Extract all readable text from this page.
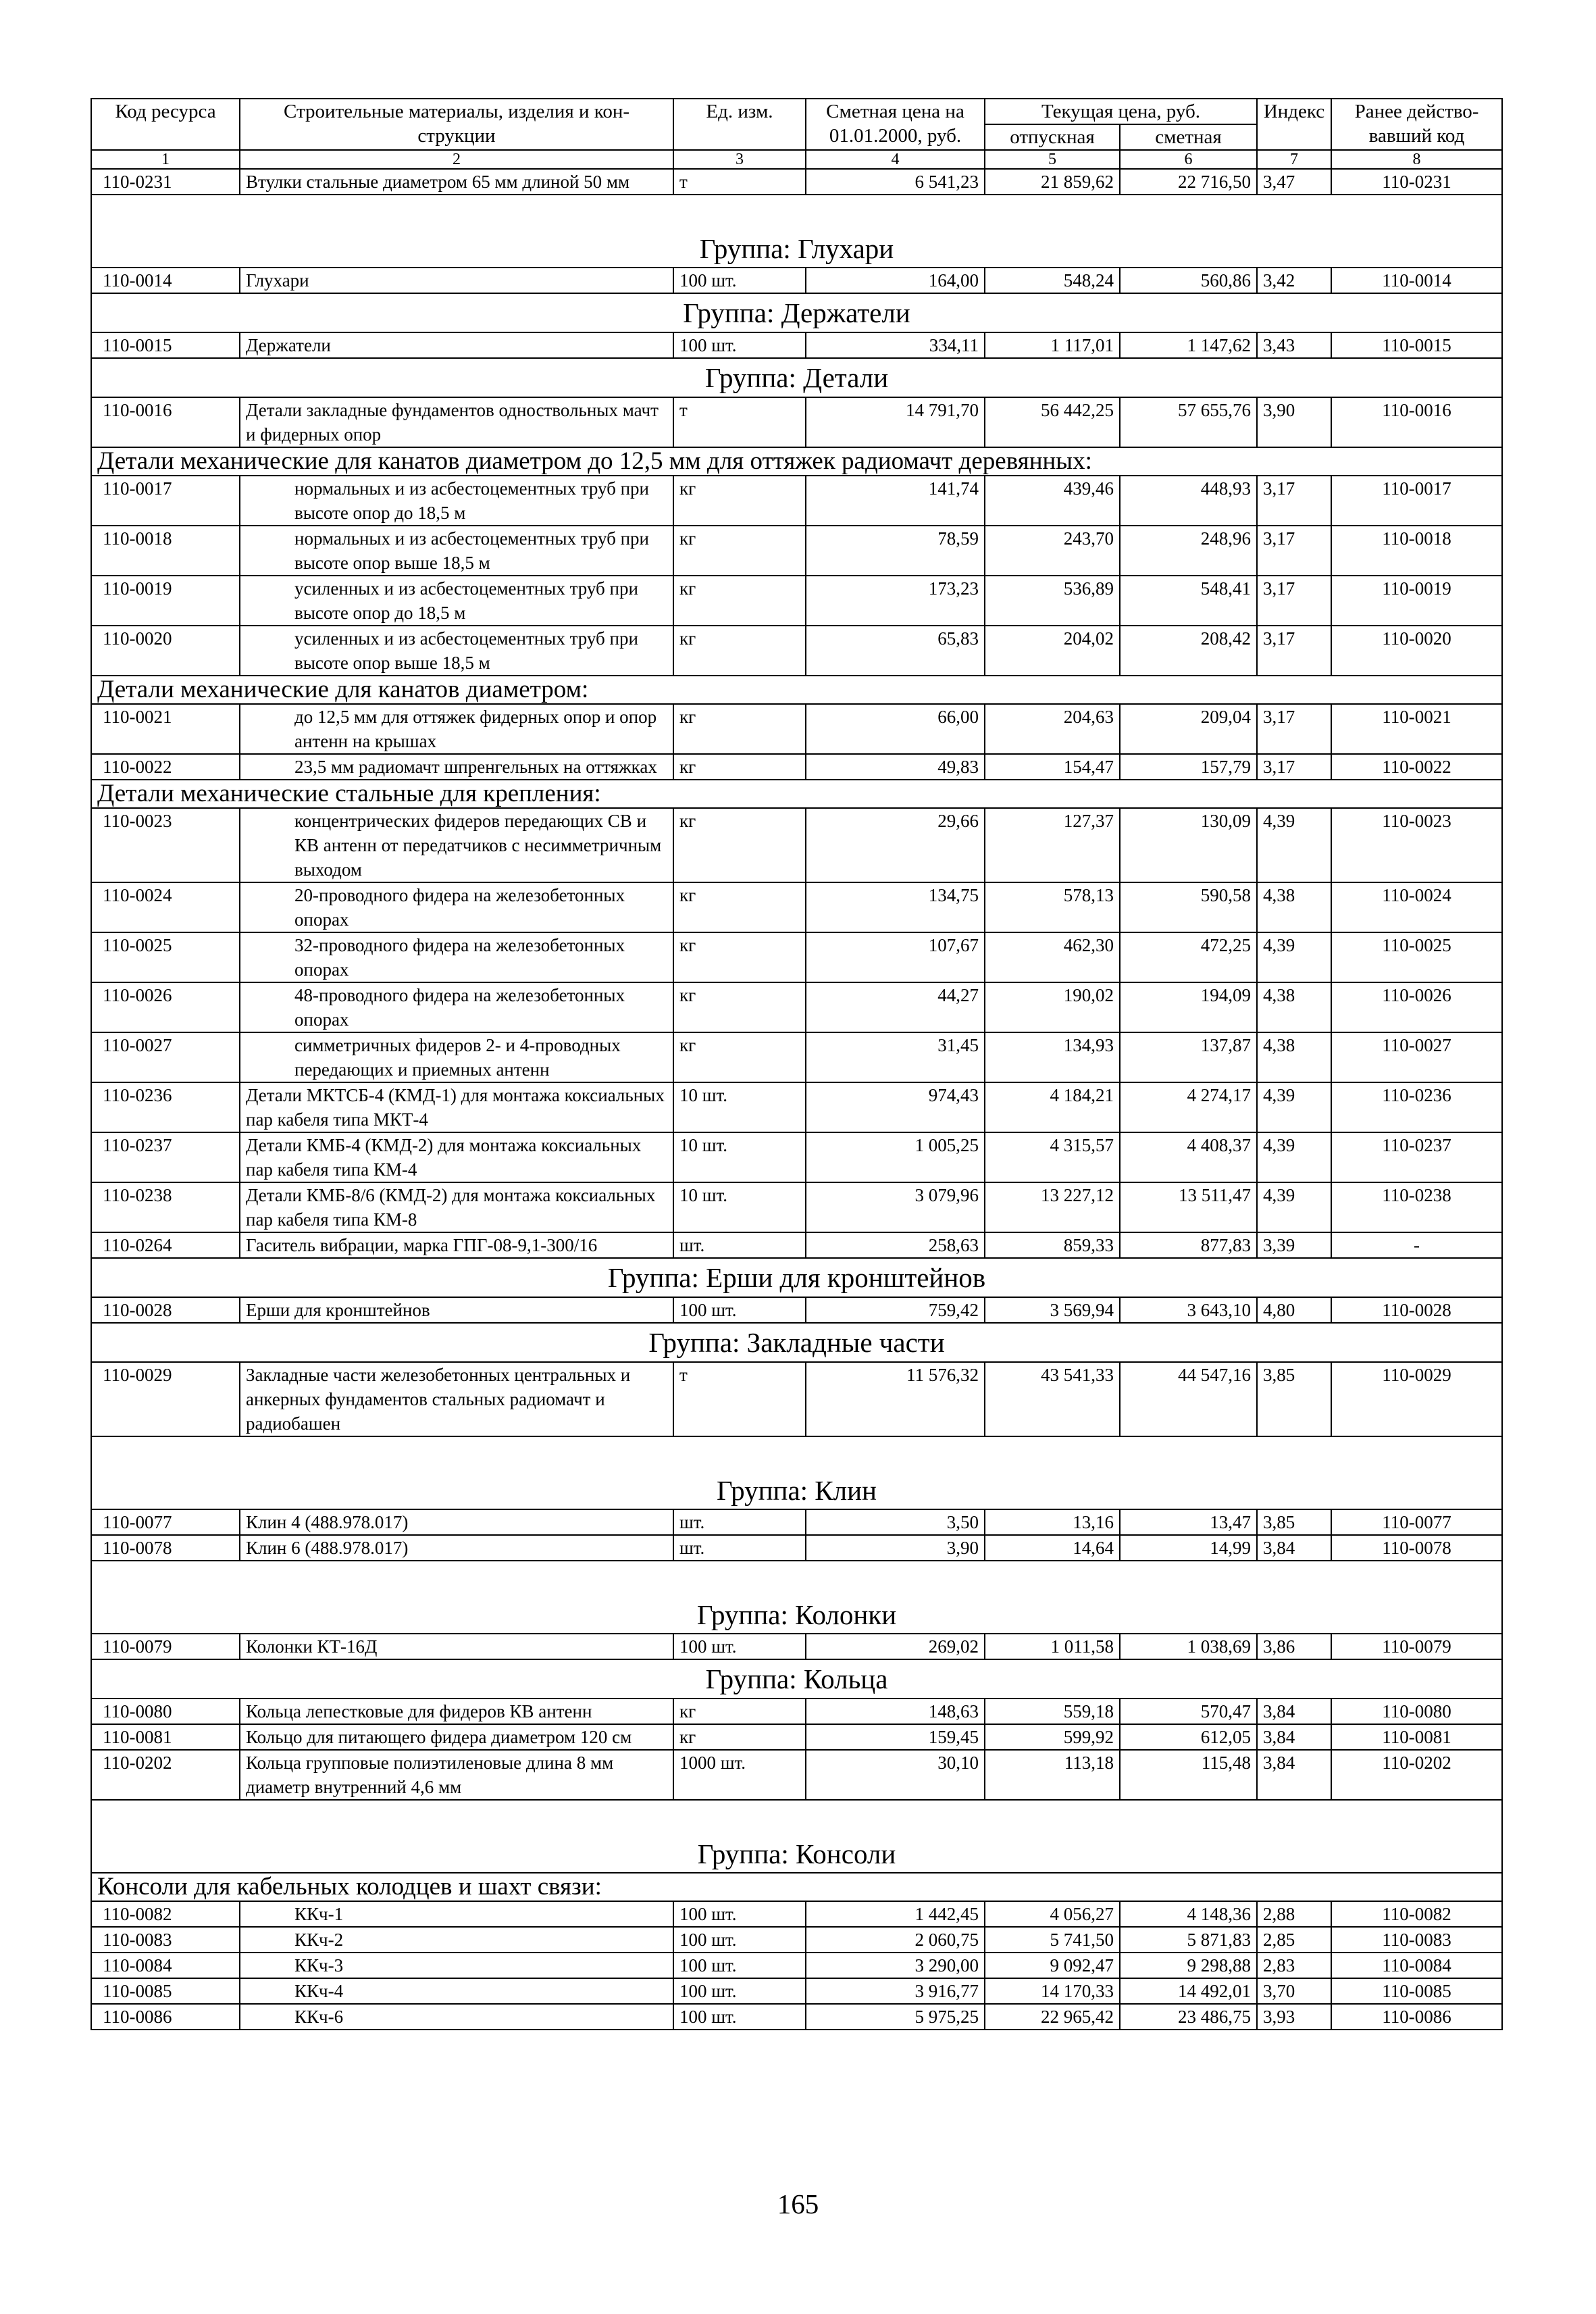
Код ресурса	Строительные материалы, изделия и кон-струкции	Ед. изм.	Сметная цена на 01.01.2000, руб.	Текущая цена, руб.		Индекс	Ранее действо-вавший код
				отпускная	сметная		
1	2	3	4	5	6	7	8
110-0231	Втулки стальные диаметром 65 мм длиной 50 мм	т	6 541,23	21 859,62	22 716,50	3,47	110-0231
Группа: Глухари							
110-0014	Глухари	100 шт.	164,00	548,24	560,86	3,42	110-0014
Группа: Держатели							
110-0015	Держатели	100 шт.	334,11	1 117,01	1 147,62	3,43	110-0015
Группа: Детали							
110-0016	Детали закладные фундаментов одноствольных мачт и фидерных опор	т	14 791,70	56 442,25	57 655,76	3,90	110-0016
Детали механические для канатов диаметром до 12,5 мм для оттяжек радиомачт деревянных:							
110-0017	нормальных и из асбестоцементных труб при высоте опор до 18,5 м	кг	141,74	439,46	448,93	3,17	110-0017
110-0018	нормальных и из асбестоцементных труб при высоте опор выше 18,5 м	кг	78,59	243,70	248,96	3,17	110-0018
110-0019	усиленных и из асбестоцементных труб при высоте опор до 18,5 м	кг	173,23	536,89	548,41	3,17	110-0019
110-0020	усиленных и из асбестоцементных труб при высоте опор выше 18,5 м	кг	65,83	204,02	208,42	3,17	110-0020
Детали механические для канатов диаметром:							
110-0021	до 12,5 мм для оттяжек фидерных опор и опор антенн на крышах	кг	66,00	204,63	209,04	3,17	110-0021
110-0022	23,5 мм радиомачт шпренгельных на оттяжках	кг	49,83	154,47	157,79	3,17	110-0022
Детали механические стальные для крепления:							
110-0023	концентрических фидеров передающих СВ и КВ антенн от передатчиков с несимметричным выходом	кг	29,66	127,37	130,09	4,39	110-0023
110-0024	20-проводного фидера на железобетонных опорах	кг	134,75	578,13	590,58	4,38	110-0024
110-0025	32-проводного фидера на железобетонных опорах	кг	107,67	462,30	472,25	4,39	110-0025
110-0026	48-проводного фидера на железобетонных опорах	кг	44,27	190,02	194,09	4,38	110-0026
110-0027	симметричных фидеров 2- и 4-проводных передающих и приемных антенн	кг	31,45	134,93	137,87	4,38	110-0027
110-0236	Детали МКТСБ-4 (КМД-1) для монтажа коксиальных пар кабеля типа МКТ-4	10 шт.	974,43	4 184,21	4 274,17	4,39	110-0236
110-0237	Детали КМБ-4 (КМД-2) для монтажа коксиальных пар кабеля типа КМ-4	10 шт.	1 005,25	4 315,57	4 408,37	4,39	110-0237
110-0238	Детали КМБ-8/6 (КМД-2) для монтажа коксиальных пар кабеля типа КМ-8	10 шт.	3 079,96	13 227,12	13 511,47	4,39	110-0238
110-0264	Гаситель вибрации, марка ГПГ-08-9,1-300/16	шт.	258,63	859,33	877,83	3,39	-
Группа: Ерши для кронштейнов							
110-0028	Ерши для кронштейнов	100 шт.	759,42	3 569,94	3 643,10	4,80	110-0028
Группа: Закладные части							
110-0029	Закладные части железобетонных центральных и анкерных фундаментов стальных радиомачт и радиобашен	т	11 576,32	43 541,33	44 547,16	3,85	110-0029
Группа: Клин							
110-0077	Клин 4 (488.978.017)	шт.	3,50	13,16	13,47	3,85	110-0077
110-0078	Клин 6 (488.978.017)	шт.	3,90	14,64	14,99	3,84	110-0078
Группа: Колонки							
110-0079	Колонки КТ-16Д	100 шт.	269,02	1 011,58	1 038,69	3,86	110-0079
Группа: Кольца							
110-0080	Кольца лепестковые для фидеров КВ антенн	кг	148,63	559,18	570,47	3,84	110-0080
110-0081	Кольцо для питающего фидера диаметром 120 см	кг	159,45	599,92	612,05	3,84	110-0081
110-0202	Кольца групповые полиэтиленовые длина 8 мм диаметр внутренний 4,6 мм	1000 шт.	30,10	113,18	115,48	3,84	110-0202
Группа: Консоли							
Консоли для кабельных колодцев и шахт связи:							
110-0082	ККч-1	100 шт.	1 442,45	4 056,27	4 148,36	2,88	110-0082
110-0083	ККч-2	100 шт.	2 060,75	5 741,50	5 871,83	2,85	110-0083
110-0084	ККч-3	100 шт.	3 290,00	9 092,47	9 298,88	2,83	110-0084
110-0085	ККч-4	100 шт.	3 916,77	14 170,33	14 492,01	3,70	110-0085
110-0086	ККч-6	100 шт.	5 975,25	22 965,42	23 486,75	3,93	110-0086
165
